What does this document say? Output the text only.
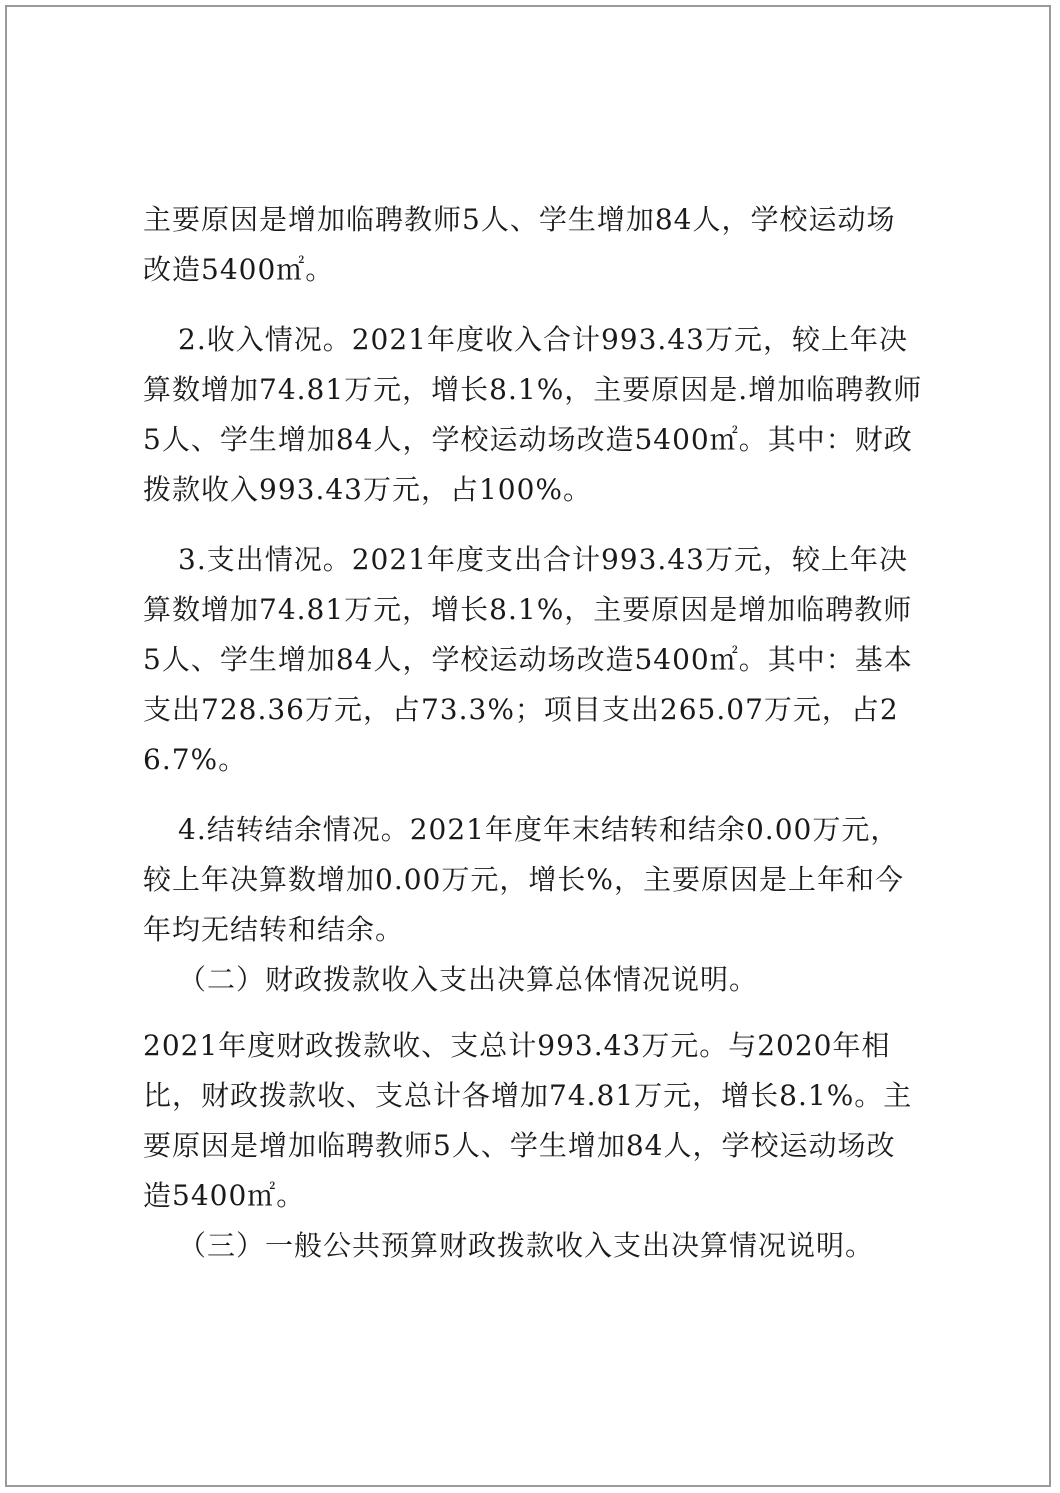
主要原因是增加临聘教师5人、学生增加84人，学校运动场改造5400㎡。

2.收入情况。2021年度收入合计993.43万元，较上年决算数增加74.81万元，增长8.1%，主要原因是.增加临聘教师5人、学生增加84人，学校运动场改造5400㎡。其中：财政拨款收入993.43万元，占100%。

3.支出情况。2021年度支出合计993.43万元，较上年决算数增加74.81万元，增长8.1%，主要原因是增加临聘教师5人、学生增加84人，学校运动场改造5400㎡。其中：基本支出728.36万元，占73.3%；项目支出265.07万元，占26.7%。

4.结转结余情况。2021年度年末结转和结余0.00万元，较上年决算数增加0.00万元，增长%，主要原因是上年和今年均无结转和结余。

（二）财政拨款收入支出决算总体情况说明。

2021年度财政拨款收、支总计993.43万元。与2020年相比，财政拨款收、支总计各增加74.81万元，增长8.1%。主要原因是增加临聘教师5人、学生增加84人，学校运动场改造5400㎡。

（三）一般公共预算财政拨款收入支出决算情况说明。
